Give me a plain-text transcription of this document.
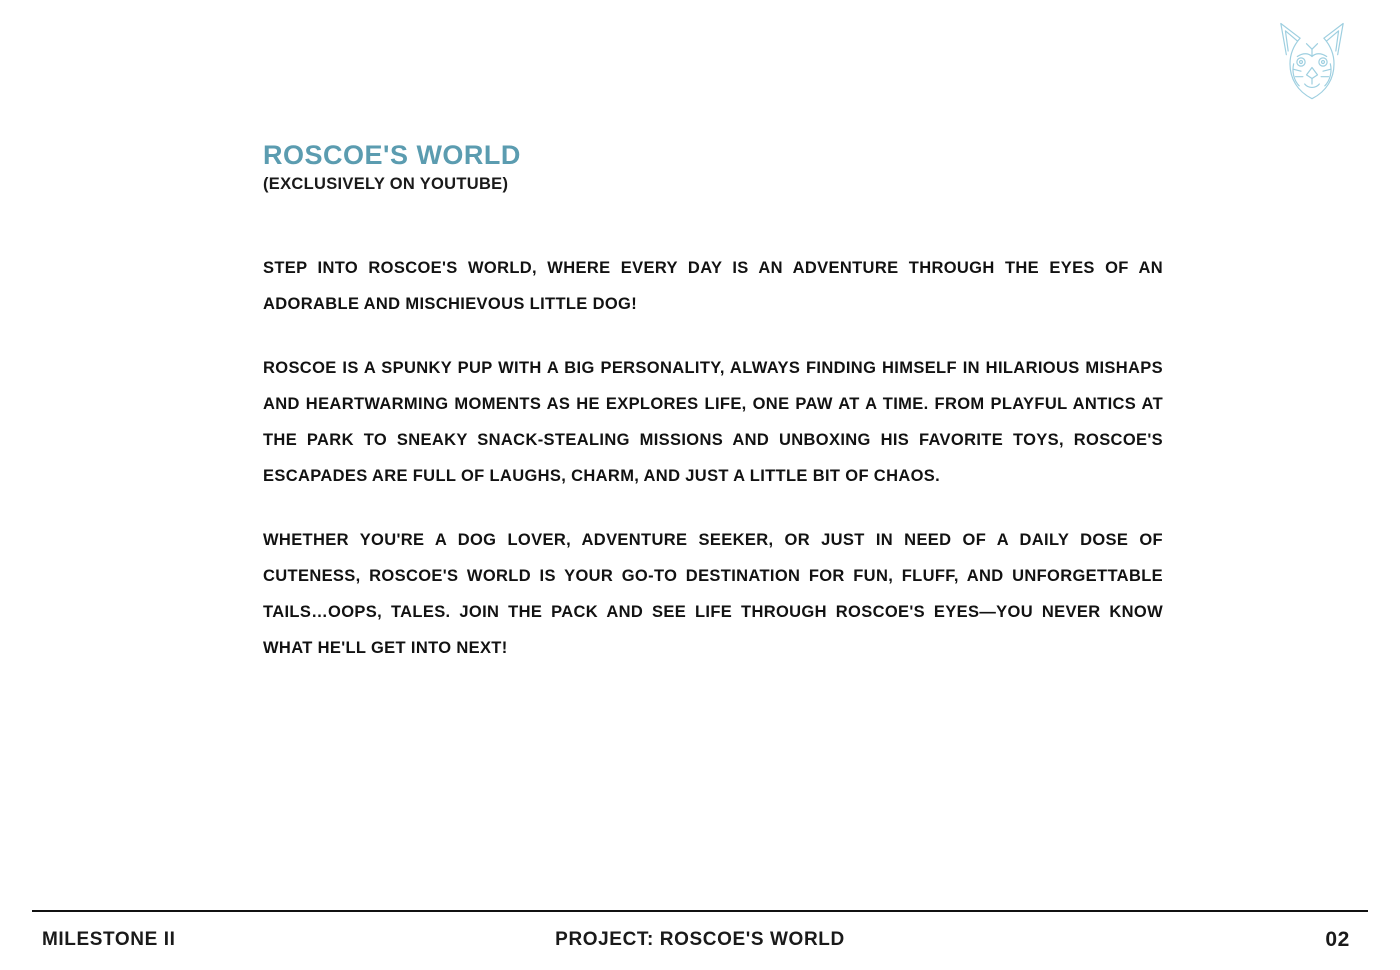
ROSCOE'S WORLD
(EXCLUSIVELY ON YOUTUBE)

STEP INTO ROSCOE'S WORLD, WHERE EVERY DAY IS AN ADVENTURE THROUGH THE EYES OF AN ADORABLE AND MISCHIEVOUS LITTLE DOG!

ROSCOE IS A SPUNKY PUP WITH A BIG PERSONALITY, ALWAYS FINDING HIMSELF IN HILARIOUS MISHAPS AND HEARTWARMING MOMENTS AS HE EXPLORES LIFE, ONE PAW AT A TIME. FROM PLAYFUL ANTICS AT THE PARK TO SNEAKY SNACK-STEALING MISSIONS AND UNBOXING HIS FAVORITE TOYS, ROSCOE'S ESCAPADES ARE FULL OF LAUGHS, CHARM, AND JUST A LITTLE BIT OF CHAOS.

WHETHER YOU'RE A DOG LOVER, ADVENTURE SEEKER, OR JUST IN NEED OF A DAILY DOSE OF CUTENESS, ROSCOE'S WORLD IS YOUR GO-TO DESTINATION FOR FUN, FLUFF, AND UNFORGETTABLE TAILS…OOPS, TALES. JOIN THE PACK AND SEE LIFE THROUGH ROSCOE'S EYES—YOU NEVER KNOW WHAT HE'LL GET INTO NEXT!

MILESTONE II	PROJECT: ROSCOE'S WORLD	02
